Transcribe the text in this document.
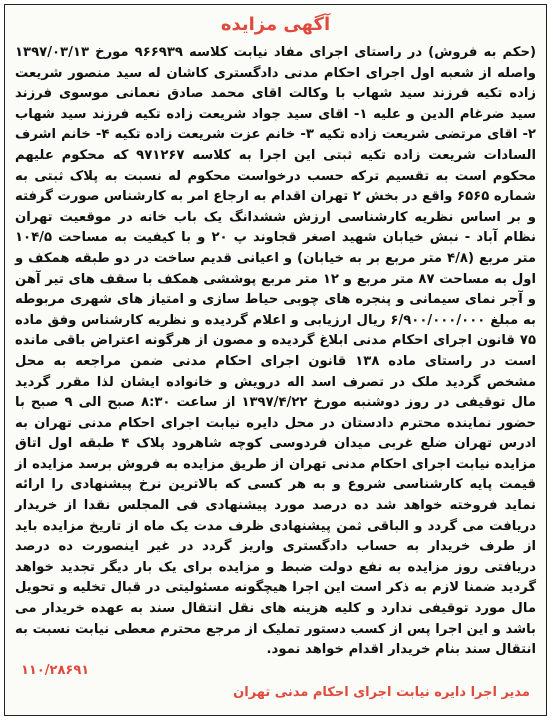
آگهی مزایده

(حکم به فروش) در راستای اجرای مفاد نیابت کلاسه ۹۶۶۹۳۹ مورخ ۱۳۹۷/۰۳/۱۳ واصله از شعبه اول اجرای احکام مدنی دادگستری کاشان له سید منصور شریعت زاده تکیه فرزند سید شهاب با وکالت اقای محمد صادق نعمانی موسوی فرزند سید ضرغام الدین و علیه ۱- اقای سید جواد شریعت زاده تکیه فرزند سید شهاب ۲- اقای مرتضی شریعت زاده تکیه ۳- خانم عزت شریعت زاده تکیه ۴- خانم اشرف السادات شریعت زاده تکیه ثبتی این اجرا به کلاسه ۹۷۱۲۶۷ که محکوم علیهم محکوم است به تقسیم ترکه حسب درخواست محکوم له نسبت به پلاک ثبتی به شماره ۶۵۶۵ واقع در بخش ۲ تهران اقدام به ارجاع امر به کارشناس صورت گرفته و بر اساس نظریه کارشناسی ارزش ششدانگ یک باب خانه در موقعیت تهران نظام آباد - نبش خیابان شهید اصغر قجاوند پ ۲۰ و با کیفیت به مساحت ۱۰۴/۵ متر مربع (۴/۸ متر مربع بر به خیابان) و اعیانی قدیم ساخت در دو طبقه همکف و اول به مساحت ۸۷ متر مربع و ۱۲ متر مربع پوششی همکف با سقف های تیر آهن و آجر نمای سیمانی و پنجره های چوبی حیاط سازی و امتیاز های شهری مربوطه به مبلغ ۶/۹۰۰/۰۰۰/۰۰۰ ریال ارزیابی و اعلام گردیده و نظریه کارشناس وفق ماده ۷۵ قانون اجرای احکام مدنی ابلاغ گردیده و مصون از هرگونه اعتراض باقی مانده است در راستای ماده ۱۳۸ قانون اجرای احکام مدنی ضمن مراجعه به محل مشخص گردید ملک در تصرف اسد اله درویش و خانواده ایشان لذا مقرر گردید مال توقیفی در روز دوشنبه مورخ ۱۳۹۷/۴/۲۲ از ساعت ۸:۳۰ صبح الی ۹ صبح با حضور نماینده محترم دادستان در محل دایره نیابت اجرای احکام مدنی تهران به ادرس تهران ضلع غربی میدان فردوسی کوچه شاهرود پلاک ۴ طبقه اول اتاق مزایده نیابت اجرای احکام مدنی تهران از طریق مزایده به فروش برسد مزایده از قیمت پایه کارشناسی شروع و به هر کسی که بالاترین نرخ پیشنهادی را ارائه نماید فروخته خواهد شد ده درصد مورد پیشنهادی فی المجلس نقدا از خریدار دریافت می گردد و الباقی ثمن پیشنهادی ظرف مدت یک ماه از تاریخ مزایده باید از طرف خریدار به حساب دادگستری واریز گردد در غیر اینصورت ده درصد دریافتی روز مزایده به نفع دولت ضبط و مزایده برای یک بار دیگر تجدید خواهد گردید ضمنا لازم به ذکر است این اجرا هیچگونه مسئولیتی در قبال تخلیه و تحویل مال مورد توقیفی ندارد و کلیه هزینه های نقل انتقال سند به عهده خریدار می باشد و این اجرا پس از کسب دستور تملیک از مرجع محترم معطی نیابت نسبت به انتقال سند بنام خریدار اقدام خواهد نمود.

۱۱۰/۲۸۶۹۱
مدیر اجرا دایره نیابت اجرای احکام مدنی تهران
